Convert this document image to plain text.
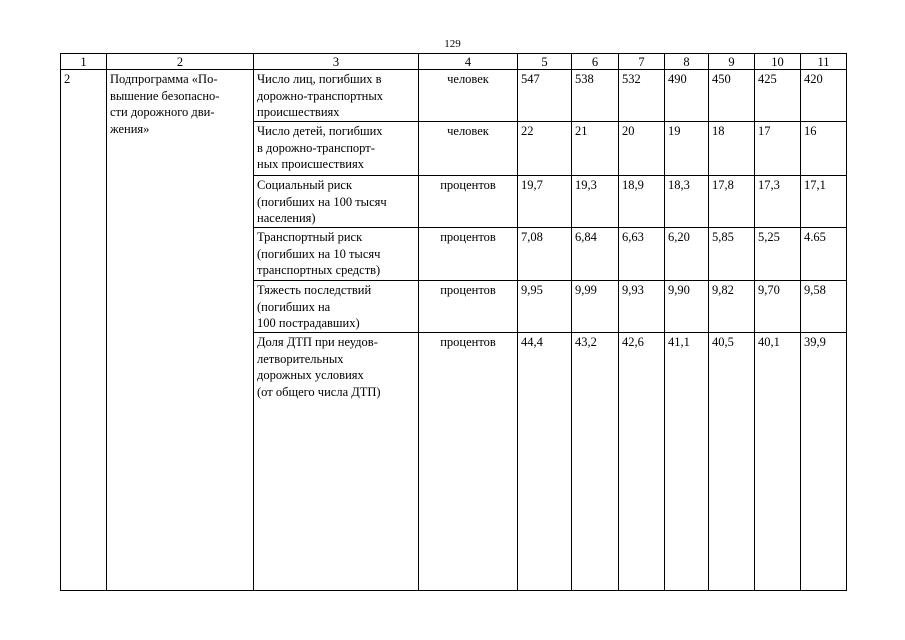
129
1	2	3	4	5	6	7	8	9	10	11
2	Подпрограмма «По-
вышение безопасно-
сти дорожного дви-
жения»	Число лиц, погибших в
дорожно-транспортных
происшествиях	человек	547	538	532	490	450	425	420
		Число детей, погибших
в дорожно-транспорт-
ных происшествиях	человек	22	21	20	19	18	17	16
		Социальный риск
(погибших на 100 тысяч
населения)	процентов	19,7	19,3	18,9	18,3	17,8	17,3	17,1
		Транспортный риск
(погибших на 10 тысяч
транспортных средств)	процентов	7,08	6,84	6,63	6,20	5,85	5,25	4.65
		Тяжесть последствий
(погибших на
100 пострадавших)	процентов	9,95	9,99	9,93	9,90	9,82	9,70	9,58
		Доля ДТП при неудов-
летворительных
дорожных условиях
(от общего числа ДТП)	процентов	44,4	43,2	42,6	41,1	40,5	40,1	39,9
